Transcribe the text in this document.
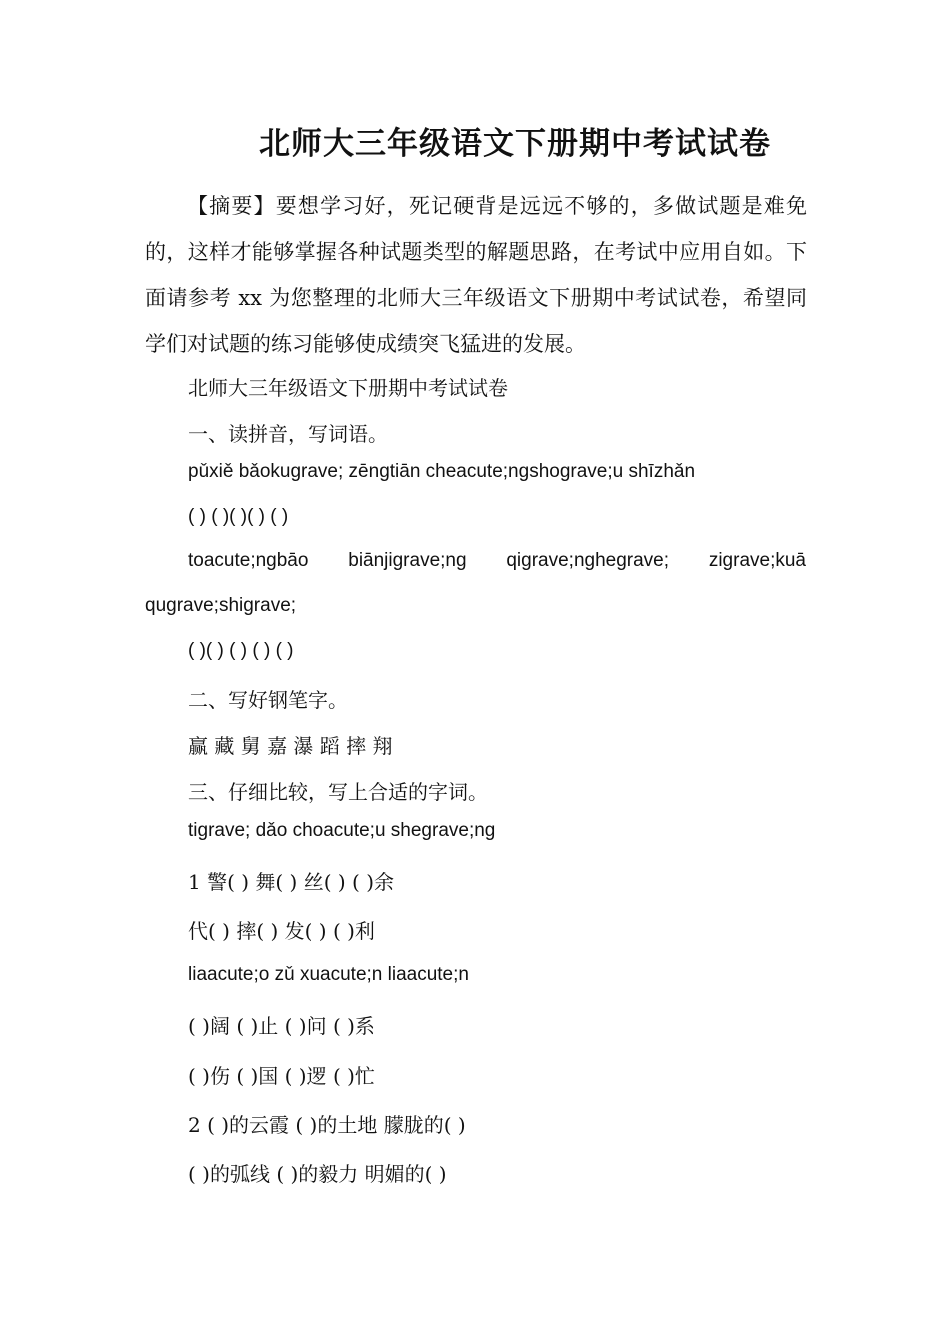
北师大三年级语文下册期中考试试卷
【摘要】要想学习好，死记硬背是远远不够的，多做试题是难免的，这样才能够掌握各种试题类型的解题思路，在考试中应用自如。下面请参考 xx 为您整理的北师大三年级语文下册期中考试试卷，希望同学们对试题的练习能够使成绩突飞猛进的发展。
北师大三年级语文下册期中考试试卷
一、读拼音，写词语。
pǔxiě bǎokugrave; zēngtiān cheacute;ngshograve;u shīzhǎn
( ) ( )( )( ) ( )
toacute;ngbāo biānjigrave;ng qigrave;nghegrave; zigrave;kuā
qugrave;shigrave;
( )( ) ( ) ( ) ( )
二、写好钢笔字。
赢 藏 舅 嘉 瀑 蹈 摔 翔
三、仔细比较，写上合适的字词。
tigrave; dǎo choacute;u shegrave;ng
1 警( ) 舞( ) 丝( ) ( )余
代( ) 摔( ) 发( ) ( )利
liaacute;o zǔ xuacute;n liaacute;n
( )阔 ( )止 ( )问 ( )系
( )伤 ( )国 ( )逻 ( )忙
2 ( )的云霞 ( )的土地 朦胧的( )
( )的弧线 ( )的毅力 明媚的( )
